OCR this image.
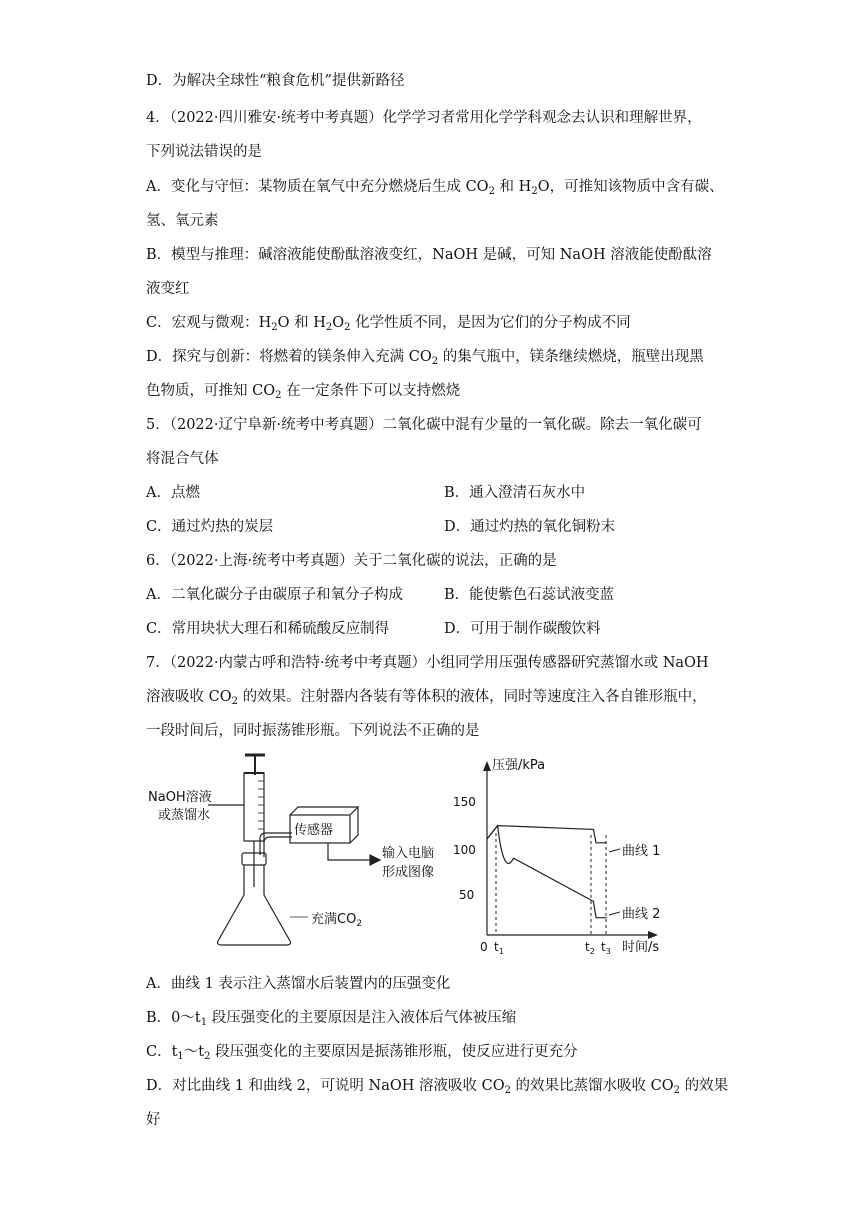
D．为解决全球性“粮食危机”提供新路径
4．（2022·四川雅安·统考中考真题）化学学习者常用化学学科观念去认识和理解世界，
下列说法错误的是
A．变化与守恒：某物质在氧气中充分燃烧后生成 $CO_2$ 和 $H_2O$，可推知该物质中含有碳、
氢、氧元素
B．模型与推理：碱溶液能使酚酞溶液变红，NaOH 是碱，可知 NaOH 溶液能使酚酞溶
液变红
C．宏观与微观：$H_2O$ 和 $H_2O_2$ 化学性质不同，是因为它们的分子构成不同
D．探究与创新：将燃着的镁条伸入充满 $CO_2$ 的集气瓶中，镁条继续燃烧，瓶壁出现黑
色物质，可推知 $CO_2$ 在一定条件下可以支持燃烧
5．（2022·辽宁阜新·统考中考真题）二氧化碳中混有少量的一氧化碳。除去一氧化碳可
将混合气体
A．点燃	B．通入澄清石灰水中
C．通过灼热的炭层	D．通过灼热的氧化铜粉末
6．（2022·上海·统考中考真题）关于二氧化碳的说法，正确的是
A．二氧化碳分子由碳原子和氧分子构成	B．能使紫色石蕊试液变蓝
C．常用块状大理石和稀硫酸反应制得	D．可用于制作碳酸饮料
7．（2022·内蒙古呼和浩特·统考中考真题）小组同学用压强传感器研究蒸馏水或 NaOH
溶液吸收 $CO_2$ 的效果。注射器内各装有等体积的液体，同时等速度注入各自锥形瓶中，
一段时间后，同时振荡锥形瓶。下列说法不正确的是
NaOH溶液
或蒸馏水
传感器
输入电脑
形成图像
充满$CO_2$
压强/kPa
时间/s
150
100
50
0 $t_1$	$t_2$ $t_3$
曲线 1
曲线 2
A．曲线 1 表示注入蒸馏水后装置内的压强变化
B．$0\sim t_1$ 段压强变化的主要原因是注入液体后气体被压缩
C．$t_1\sim t_2$ 段压强变化的主要原因是振荡锥形瓶，使反应进行更充分
D．对比曲线 1 和曲线 2，可说明 NaOH 溶液吸收 $CO_2$ 的效果比蒸馏水吸收 $CO_2$ 的效果
好
